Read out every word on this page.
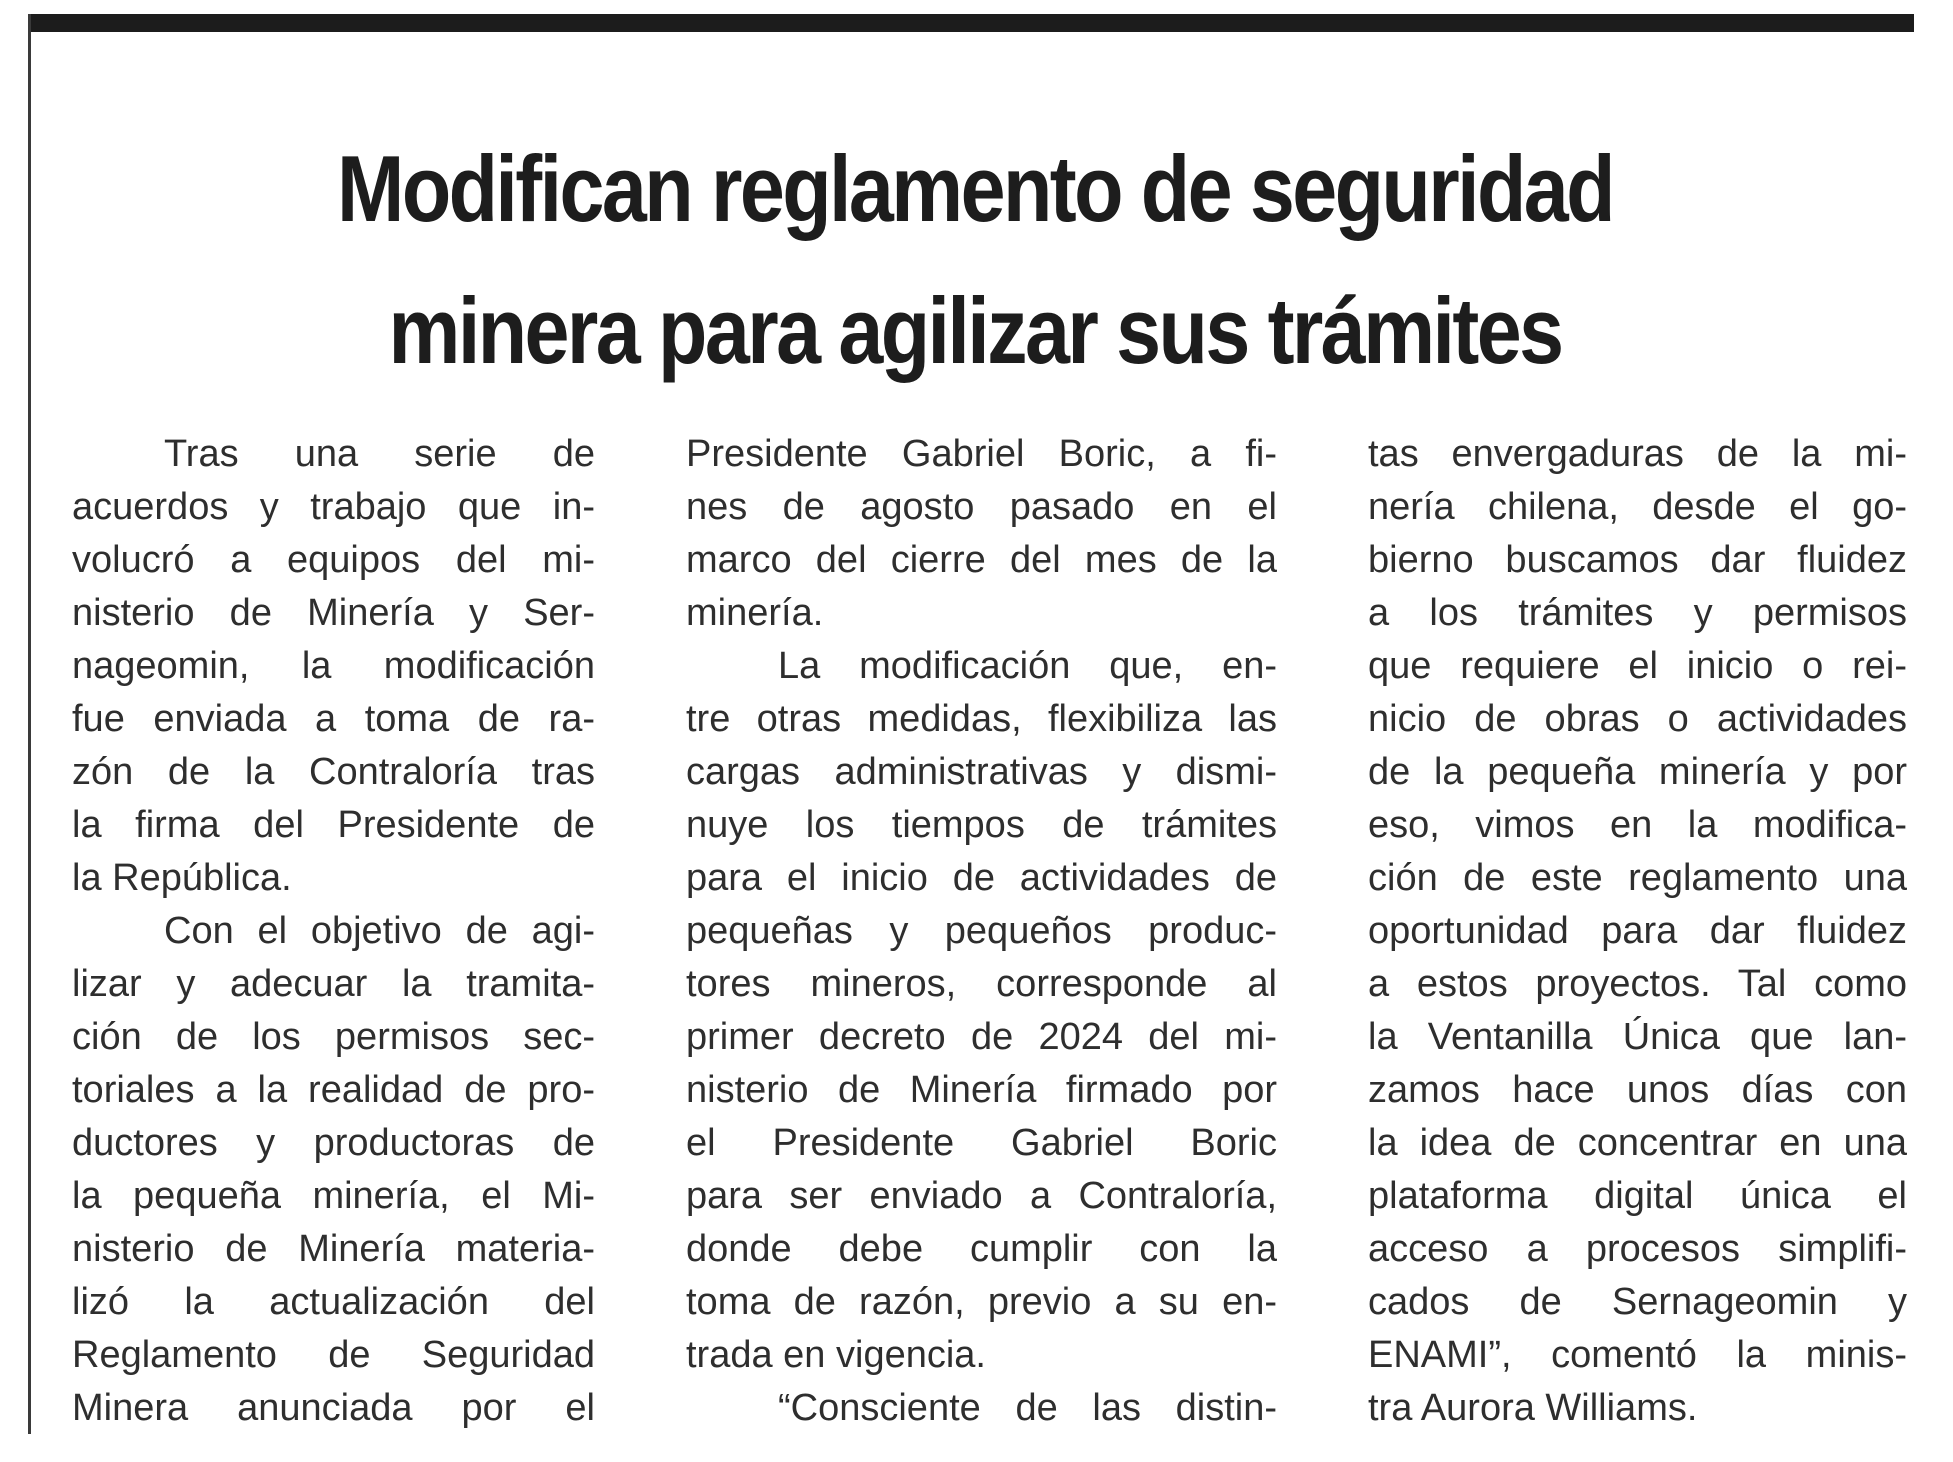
Modifican reglamento de seguridad
minera para agilizar sus trámites
Tras una serie de
acuerdos y trabajo que in-
volucró a equipos del mi-
nisterio de Minería y Ser-
nageomin, la modificación
fue enviada a toma de ra-
zón de la Contraloría tras
la firma del Presidente de
la República.
Con el objetivo de agi-
lizar y adecuar la tramita-
ción de los permisos sec-
toriales a la realidad de pro-
ductores y productoras de
la pequeña minería, el Mi-
nisterio de Minería materia-
lizó la actualización del
Reglamento de Seguridad
Minera anunciada por el
Presidente Gabriel Boric, a fi-
nes de agosto pasado en el
marco del cierre del mes de la
minería.
La modificación que, en-
tre otras medidas, flexibiliza las
cargas administrativas y dismi-
nuye los tiempos de trámites
para el inicio de actividades de
pequeñas y pequeños produc-
tores mineros, corresponde al
primer decreto de 2024 del mi-
nisterio de Minería firmado por
el Presidente Gabriel Boric
para ser enviado a Contraloría,
donde debe cumplir con la
toma de razón, previo a su en-
trada en vigencia.
“Consciente de las distin-
tas envergaduras de la mi-
nería chilena, desde el go-
bierno buscamos dar fluidez
a los trámites y permisos
que requiere el inicio o rei-
nicio de obras o actividades
de la pequeña minería y por
eso, vimos en la modifica-
ción de este reglamento una
oportunidad para dar fluidez
a estos proyectos. Tal como
la Ventanilla Única que lan-
zamos hace unos días con
la idea de concentrar en una
plataforma digital única el
acceso a procesos simplifi-
cados de Sernageomin y
ENAMI”, comentó la minis-
tra Aurora Williams.
